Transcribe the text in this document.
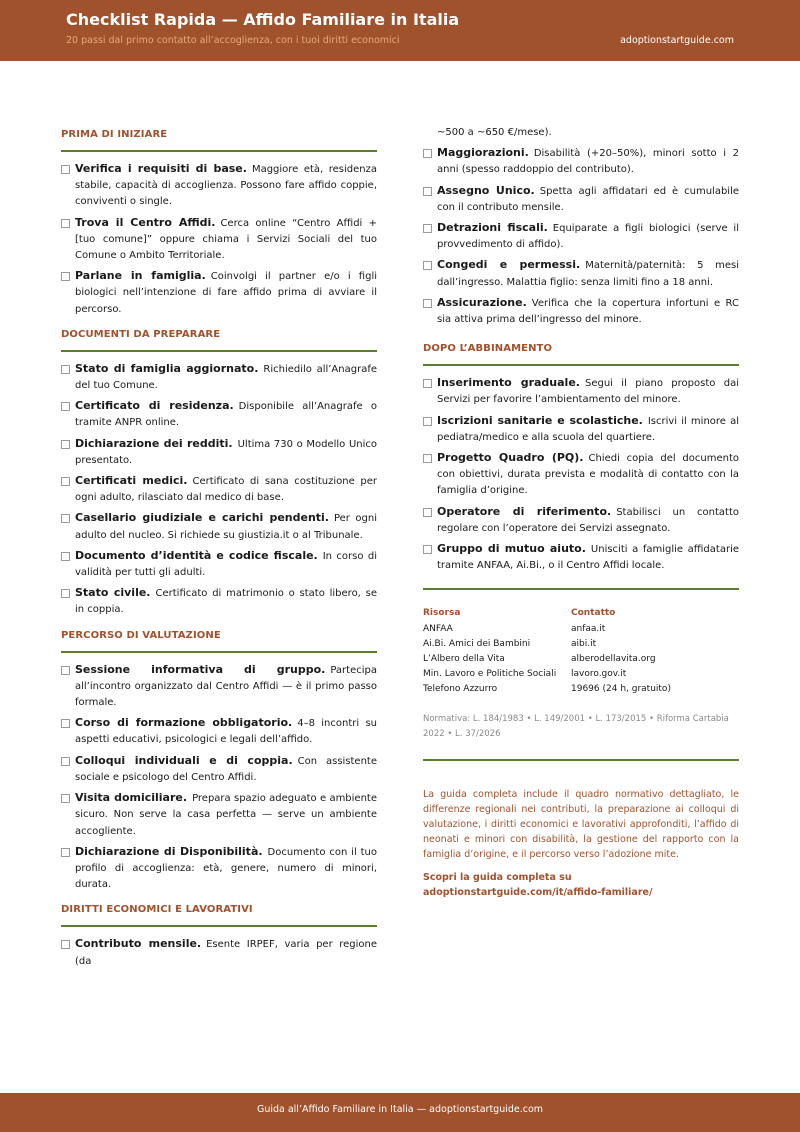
Checklist Rapida — Affido Familiare in Italia
20 passi dal primo contatto all’accoglienza, con i tuoi diritti economici	adoptionstartguide.com
PRIMA DI INIZIARE
Verifica i requisiti di base. Maggiore età, residenza stabile, capacità di accoglienza. Possono fare affido coppie, conviventi o single.
Trova il Centro Affidi. Cerca online “Centro Affidi + [tuo comune]” oppure chiama i Servizi Sociali del tuo Comune o Ambito Territoriale.
Parlane in famiglia. Coinvolgi il partner e/o i figli biologici nell’intenzione di fare affido prima di avviare il percorso.
DOCUMENTI DA PREPARARE
Stato di famiglia aggiornato. Richiedilo all’Anagrafe del tuo Comune.
Certificato di residenza. Disponibile all’Anagrafe o tramite ANPR online.
Dichiarazione dei redditi. Ultima 730 o Modello Unico presentato.
Certificati medici. Certificato di sana costituzione per ogni adulto, rilasciato dal medico di base.
Casellario giudiziale e carichi pendenti. Per ogni adulto del nucleo. Si richiede su giustizia.it o al Tribunale.
Documento d’identità e codice fiscale. In corso di validità per tutti gli adulti.
Stato civile. Certificato di matrimonio o stato libero, se in coppia.
PERCORSO DI VALUTAZIONE
Sessione informativa di gruppo. Partecipa all’incontro organizzato dal Centro Affidi — è il primo passo formale.
Corso di formazione obbligatorio. 4–8 incontri su aspetti educativi, psicologici e legali dell’affido.
Colloqui individuali e di coppia. Con assistente sociale e psicologo del Centro Affidi.
Visita domiciliare. Prepara spazio adeguato e ambiente sicuro. Non serve la casa perfetta — serve un ambiente accogliente.
Dichiarazione di Disponibilità. Documento con il tuo profilo di accoglienza: età, genere, numero di minori, durata.
DIRITTI ECONOMICI E LAVORATIVI
Contributo mensile. Esente IRPEF, varia per regione (da
~500 a ~650 €/mese).
Maggiorazioni. Disabilità (+20–50%), minori sotto i 2 anni (spesso raddoppio del contributo).
Assegno Unico. Spetta agli affidatari ed è cumulabile con il contributo mensile.
Detrazioni fiscali. Equiparate a figli biologici (serve il provvedimento di affido).
Congedi e permessi. Maternità/paternità: 5 mesi dall’ingresso. Malattia figlio: senza limiti fino a 18 anni.
Assicurazione. Verifica che la copertura infortuni e RC sia attiva prima dell’ingresso del minore.
DOPO L’ABBINAMENTO
Inserimento graduale. Segui il piano proposto dai Servizi per favorire l’ambientamento del minore.
Iscrizioni sanitarie e scolastiche. Iscrivi il minore al pediatra/medico e alla scuola del quartiere.
Progetto Quadro (PQ). Chiedi copia del documento con obiettivi, durata prevista e modalità di contatto con la famiglia d’origine.
Operatore di riferimento. Stabilisci un contatto regolare con l’operatore dei Servizi assegnato.
Gruppo di mutuo aiuto. Unisciti a famiglie affidatarie tramite ANFAA, Ai.Bi., o il Centro Affidi locale.
Risorsa	Contatto
ANFAA	anfaa.it
Ai.Bi. Amici dei Bambini	aibi.it
L’Albero della Vita	alberodellavita.org
Min. Lavoro e Politiche Sociali	lavoro.gov.it
Telefono Azzurro	19696 (24 h, gratuito)
Normativa: L. 184/1983 • L. 149/2001 • L. 173/2015 • Riforma Cartabia 2022 • L. 37/2026
La guida completa include il quadro normativo dettagliato, le differenze regionali nei contributi, la preparazione ai colloqui di valutazione, i diritti economici e lavorativi approfonditi, l’affido di neonati e minori con disabilità, la gestione del rapporto con la famiglia d’origine, e il percorso verso l’adozione mite.
Scopri la guida completa su
adoptionstartguide.com/it/affido-familiare/
Guida all’Affido Familiare in Italia — adoptionstartguide.com
